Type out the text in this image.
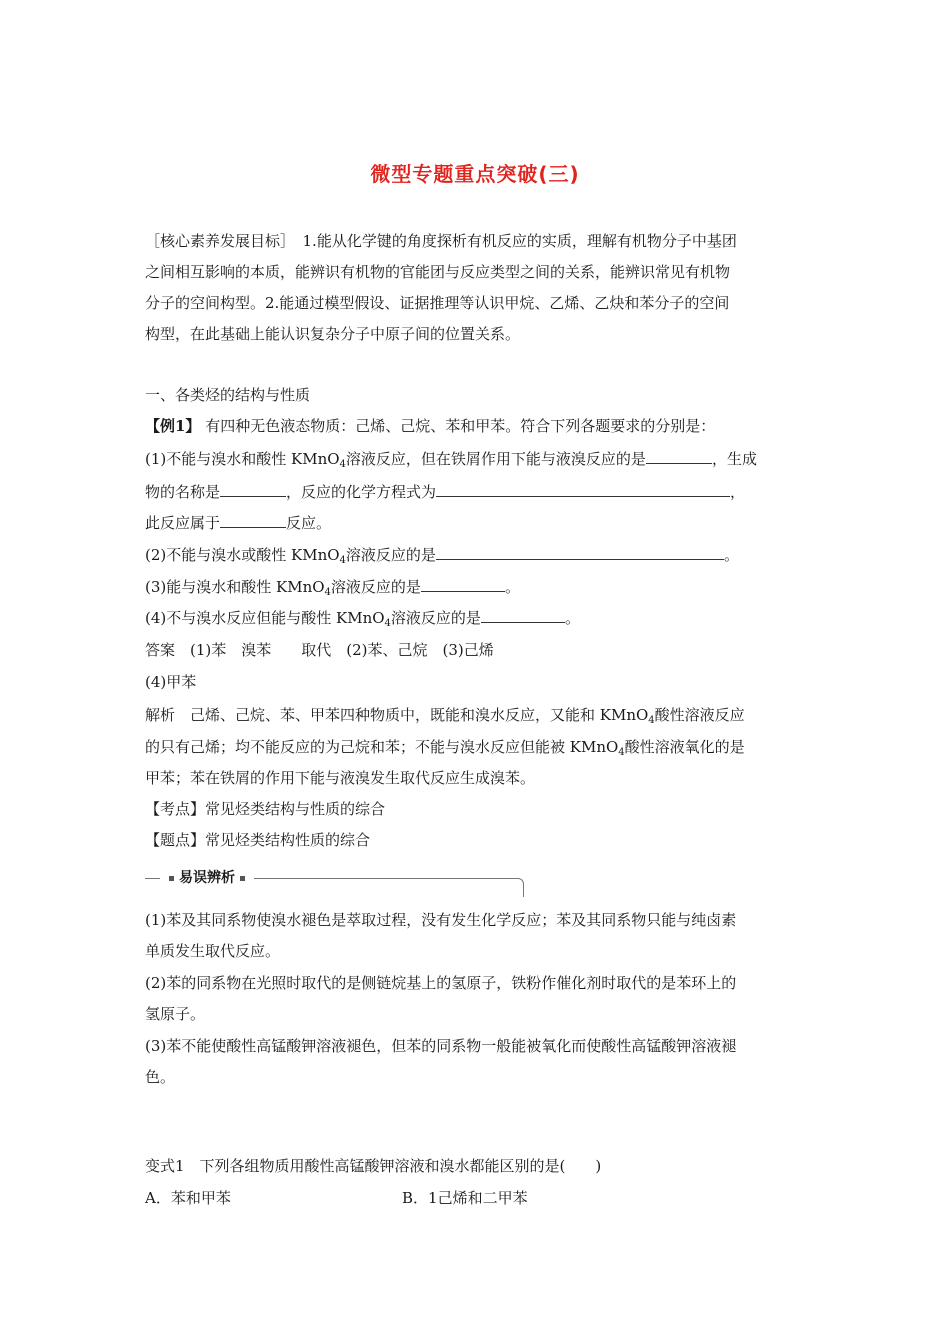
微型专题重点突破(三)
［核心素养发展目标］　1.能从化学键的角度探析有机反应的实质，理解有机物分子中基团
之间相互影响的本质，能辨识有机物的官能团与反应类型之间的关系，能辨识常见有机物
分子的空间构型。2.能通过模型假设、证据推理等认识甲烷、乙烯、乙炔和苯分子的空间
构型，在此基础上能认识复杂分子中原子间的位置关系。
一、各类烃的结构与性质
【例1】 有四种无色液态物质：己烯、己烷、苯和甲苯。符合下列各题要求的分别是：
(1)不能与溴水和酸性 KMnO$_4$溶液反应，但在铁屑作用下能与液溴反应的是	，生成
物的名称是	，反应的化学方程式为	，
此反应属于	反应。
(2)不能与溴水或酸性 KMnO$_4$溶液反应的是	。
(3)能与溴水和酸性 KMnO$_4$溶液反应的是	。
(4)不与溴水反应但能与酸性 KMnO$_4$溶液反应的是	。
答案　(1)苯　溴苯　　取代　(2)苯、己烷　(3)己烯
(4)甲苯
解析　己烯、己烷、苯、甲苯四种物质中，既能和溴水反应，又能和 KMnO$_4$酸性溶液反应
的只有己烯；均不能反应的为己烷和苯；不能与溴水反应但能被 KMnO$_4$酸性溶液氧化的是
甲苯；苯在铁屑的作用下能与液溴发生取代反应生成溴苯。
【考点】常见烃类结构与性质的综合
【题点】常见烃类结构性质的综合
易误辨析
(1)苯及其同系物使溴水褪色是萃取过程，没有发生化学反应；苯及其同系物只能与纯卤素
单质发生取代反应。
(2)苯的同系物在光照时取代的是侧链烷基上的氢原子，铁粉作催化剂时取代的是苯环上的
氢原子。
(3)苯不能使酸性高锰酸钾溶液褪色，但苯的同系物一般能被氧化而使酸性高锰酸钾溶液褪
色。
变式1　下列各组物质用酸性高锰酸钾溶液和溴水都能区别的是(　　)
A．苯和甲苯	B．1己烯和二甲苯
